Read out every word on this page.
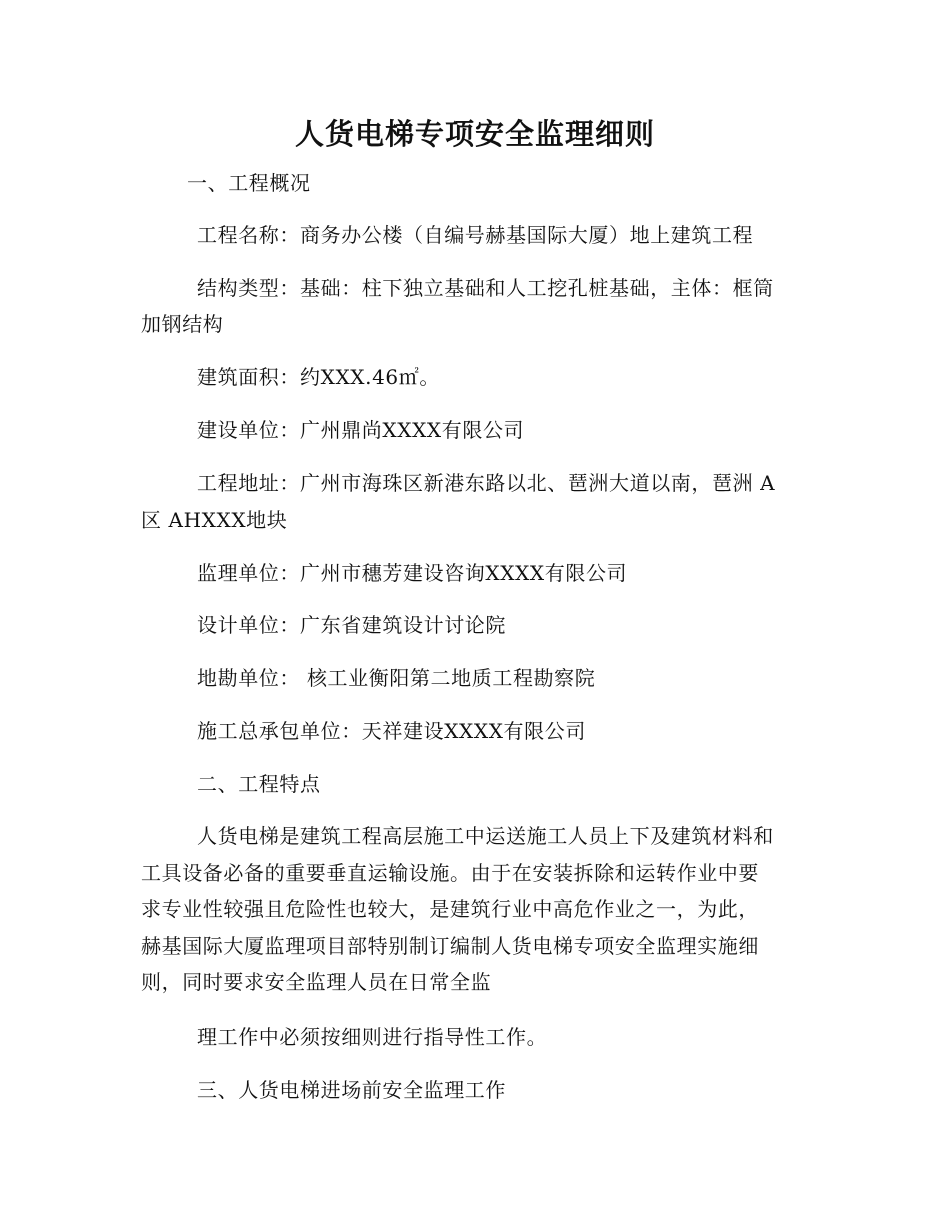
人货电梯专项安全监理细则

一、工程概况

工程名称：商务办公楼（自编号赫基国际大厦）地上建筑工程

结构类型：基础：柱下独立基础和人工挖孔桩基础，主体：框筒

加钢结构

建筑面积：约XXX.46㎡。

建设单位：广州鼎尚XXXX有限公司

工程地址：广州市海珠区新港东路以北、琶洲大道以南，琶洲 A

区 AHXXX地块

监理单位：广州市穗芳建设咨询XXXX有限公司

设计单位：广东省建筑设计讨论院

地勘单位： 核工业衡阳第二地质工程勘察院

施工总承包单位：天祥建设XXXX有限公司

二、工程特点

人货电梯是建筑工程高层施工中运送施工人员上下及建筑材料和
工具设备必备的重要垂直运输设施。由于在安装拆除和运转作业中要
求专业性较强且危险性也较大，是建筑行业中高危作业之一，为此，
赫基国际大厦监理项目部特别制订编制人货电梯专项安全监理实施细
则，同时要求安全监理人员在日常全监

理工作中必须按细则进行指导性工作。

三、人货电梯进场前安全监理工作
